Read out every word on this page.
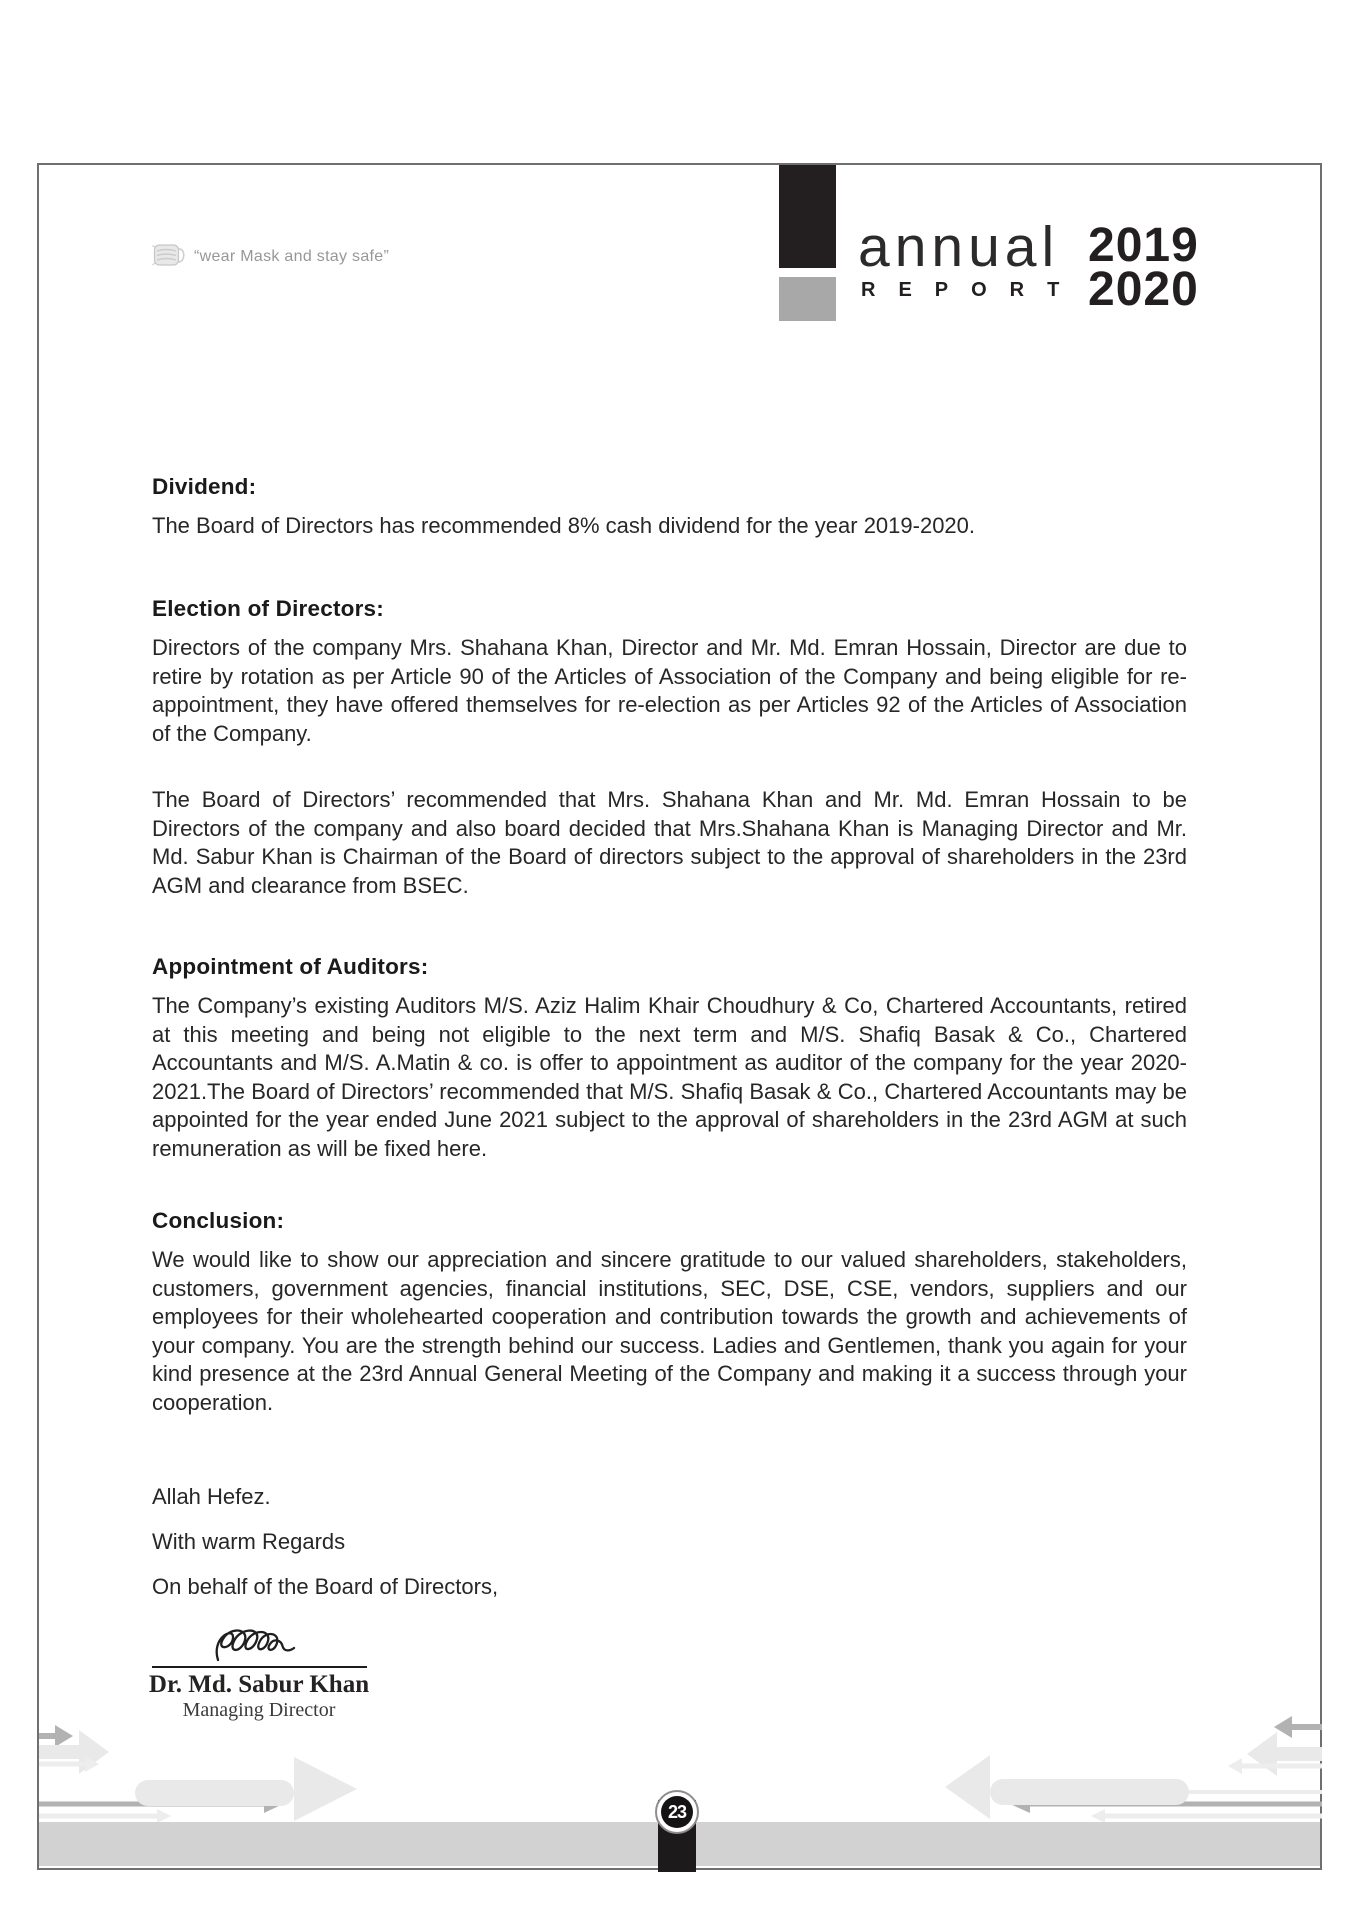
“wear Mask and stay safe”	annual
REPORT
2019
2020
Dividend:
The Board of Directors has recommended 8% cash dividend for the year 2019-2020.
Election of Directors:
Directors of the company Mrs. Shahana Khan, Director and Mr. Md. Emran Hossain, Director are due to retire by rotation as per Article 90 of the Articles of Association of the Company and being eligible for re-appointment, they have offered themselves for re-election as per Articles 92 of the Articles of Association of the Company.
The Board of Directors’ recommended that Mrs. Shahana Khan and Mr. Md. Emran Hossain to be Directors of the company and also board decided that Mrs.Shahana Khan is Managing Director and Mr. Md. Sabur Khan is Chairman of the Board of directors subject to the approval of shareholders in the 23rd AGM and clearance from BSEC.
Appointment of Auditors:
The Company’s existing Auditors M/S. Aziz Halim Khair Choudhury & Co, Chartered Accountants, retired at this meeting and being not eligible to the next term and M/S. Shafiq Basak & Co., Chartered Accountants and M/S. A.Matin & co. is offer to appointment as auditor of the company for the year 2020-2021.The Board of Directors’ recommended that M/S. Shafiq Basak & Co., Chartered Accountants may be appointed for the year ended June 2021 subject to the approval of shareholders in the 23rd AGM at such remuneration as will be fixed here.
Conclusion:
We would like to show our appreciation and sincere gratitude to our valued shareholders, stakeholders, customers, government agencies, financial institutions, SEC, DSE, CSE, vendors, suppliers and our employees for their wholehearted cooperation and contribution towards the growth and achievements of your company. You are the strength behind our success. Ladies and Gentlemen, thank you again for your kind presence at the 23rd Annual General Meeting of the Company and making it a success through your cooperation.
Allah Hefez.
With warm Regards
On behalf of the Board of Directors,
Dr. Md. Sabur Khan
Managing Director
23
